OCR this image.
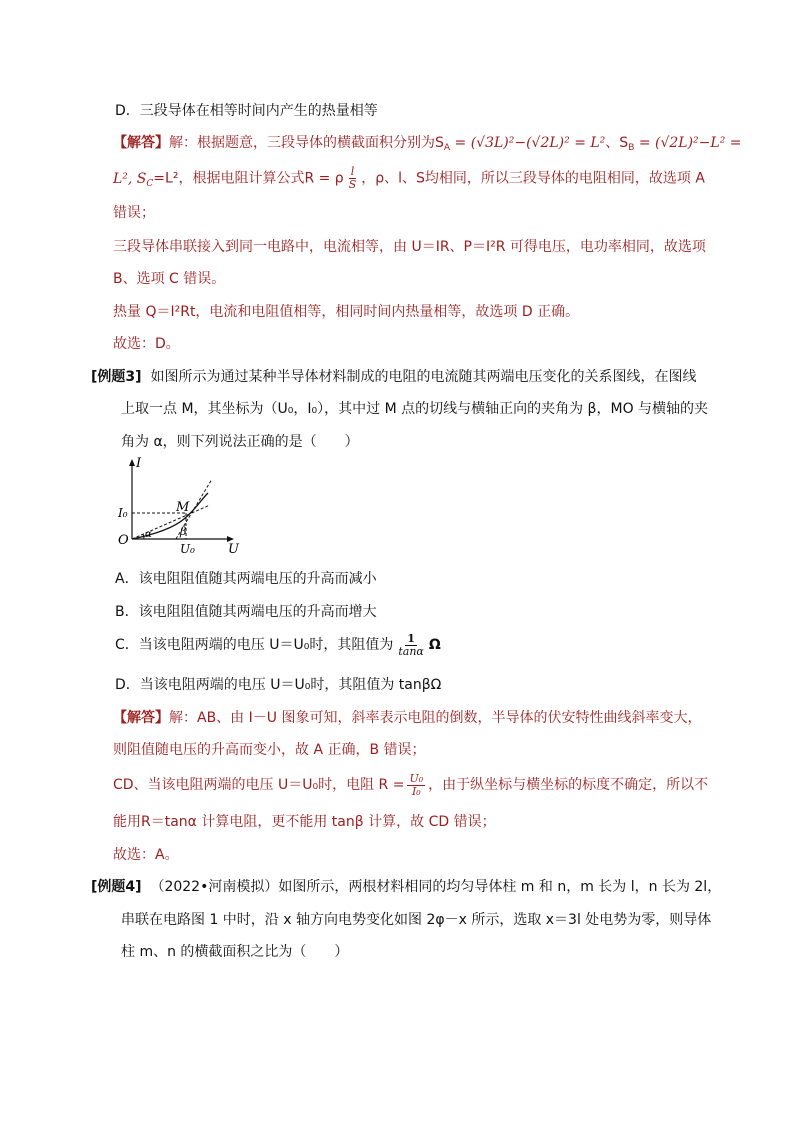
D．三段导体在相等时间内产生的热量相等
【解答】解：根据题意，三段导体的横截面积分别为$S_A = (√3L)^2-(√2L)^2 = L^2$、$S_B = (√2L)^2-L^2$ =
L², $S_C=L^2$，根据电阻计算公式R = ρ $\frac{l}{S}$ ，ρ、l、S均相同，所以三段导体的电阻相同，故选项 A
错误；
三段导体串联接入到同一电路中，电流相等，由 U＝IR、P＝I²R 可得电压，电功率相同，故选项
B、选项 C 错误。
热量 Q＝I²Rt，电流和电阻值相等，相同时间内热量相等，故选项 D 正确。
故选：D。
[例题3] 如图所示为通过某种半导体材料制成的电阻的电流随其两端电压变化的关系图线，在图线
上取一点 M，其坐标为（U₀，I₀），其中过 M 点的切线与横轴正向的夹角为 β，MO 与横轴的夹
角为 α，则下列说法正确的是（　　）
I
U
O
M
I₀
U₀
α	β
A．该电阻阻值随其两端电压的升高而减小
B．该电阻阻值随其两端电压的升高而增大
C．当该电阻两端的电压 U＝U₀时，其阻值为 $\frac{1}{\tan\alpha}$ Ω
D．当该电阻两端的电压 U＝U₀时，其阻值为 tanβΩ
【解答】解：AB、由 I－U 图象可知，斜率表示电阻的倒数，半导体的伏安特性曲线斜率变大，
则阻值随电压的升高而变小，故 A 正确，B 错误；
CD、当该电阻两端的电压 U＝U₀时，电阻 $R = \frac{\text{U₀}}{\text{I₀}}$ ，由于纵坐标与横坐标的标度不确定，所以不
能用R＝tanα 计算电阻，更不能用 tanβ 计算，故 CD 错误；
故选：A。
[例题4] （2022•河南模拟）如图所示，两根材料相同的均匀导体柱 m 和 n，m 长为 l，n 长为 2l，
串联在电路图 1 中时，沿 x 轴方向电势变化如图 2φ－x 所示，选取 x＝3l 处电势为零，则导体
柱 m、n 的横截面积之比为（　　）
